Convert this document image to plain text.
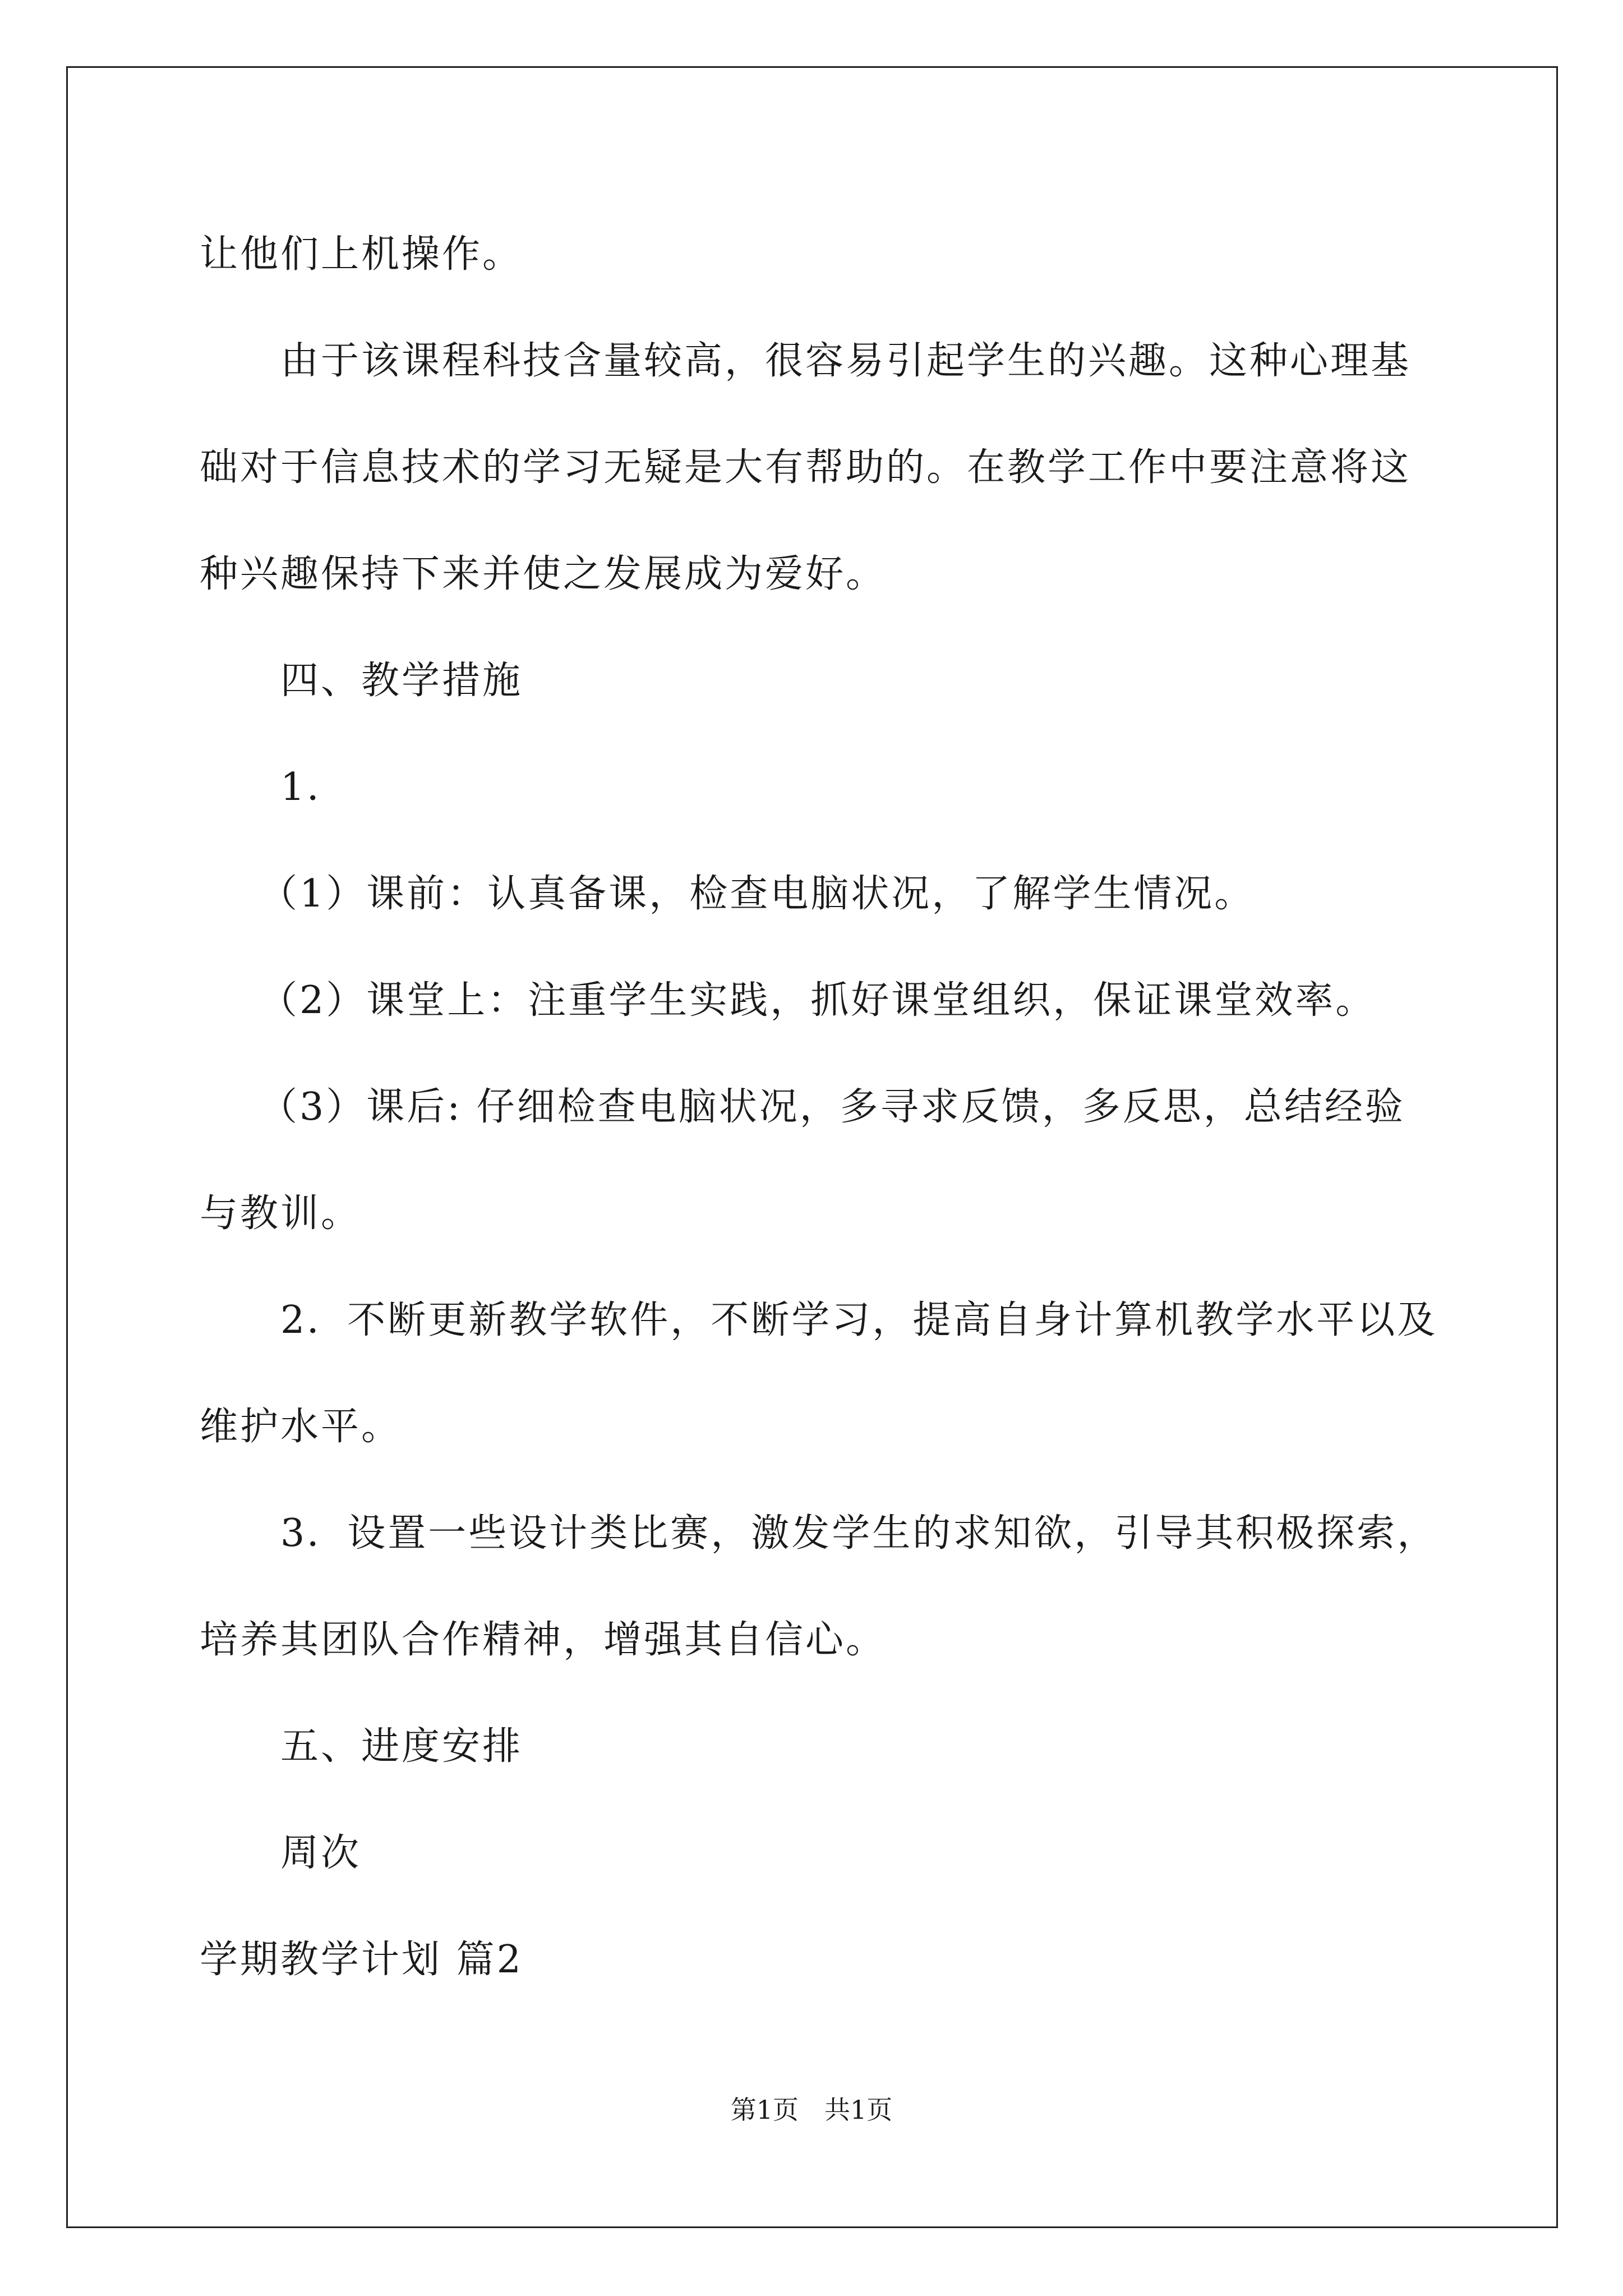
让他们上机操作。
由于该课程科技含量较高，很容易引起学生的兴趣。这种心理基
础对于信息技术的学习无疑是大有帮助的。在教学工作中要注意将这
种兴趣保持下来并使之发展成为爱好。
四、教学措施
1．
（1）课前：认真备课，检查电脑状况，了解学生情况。
（2）课堂上：注重学生实践，抓好课堂组织，保证课堂效率。
（3）课后: 仔细检查电脑状况，多寻求反馈，多反思，总结经验
与教训。
2．不断更新教学软件，不断学习，提高自身计算机教学水平以及
维护水平。
3．设置一些设计类比赛，激发学生的求知欲，引导其积极探索，
培养其团队合作精神，增强其自信心。
五、进度安排
周次
学期教学计划 篇2
第1页　共1页
